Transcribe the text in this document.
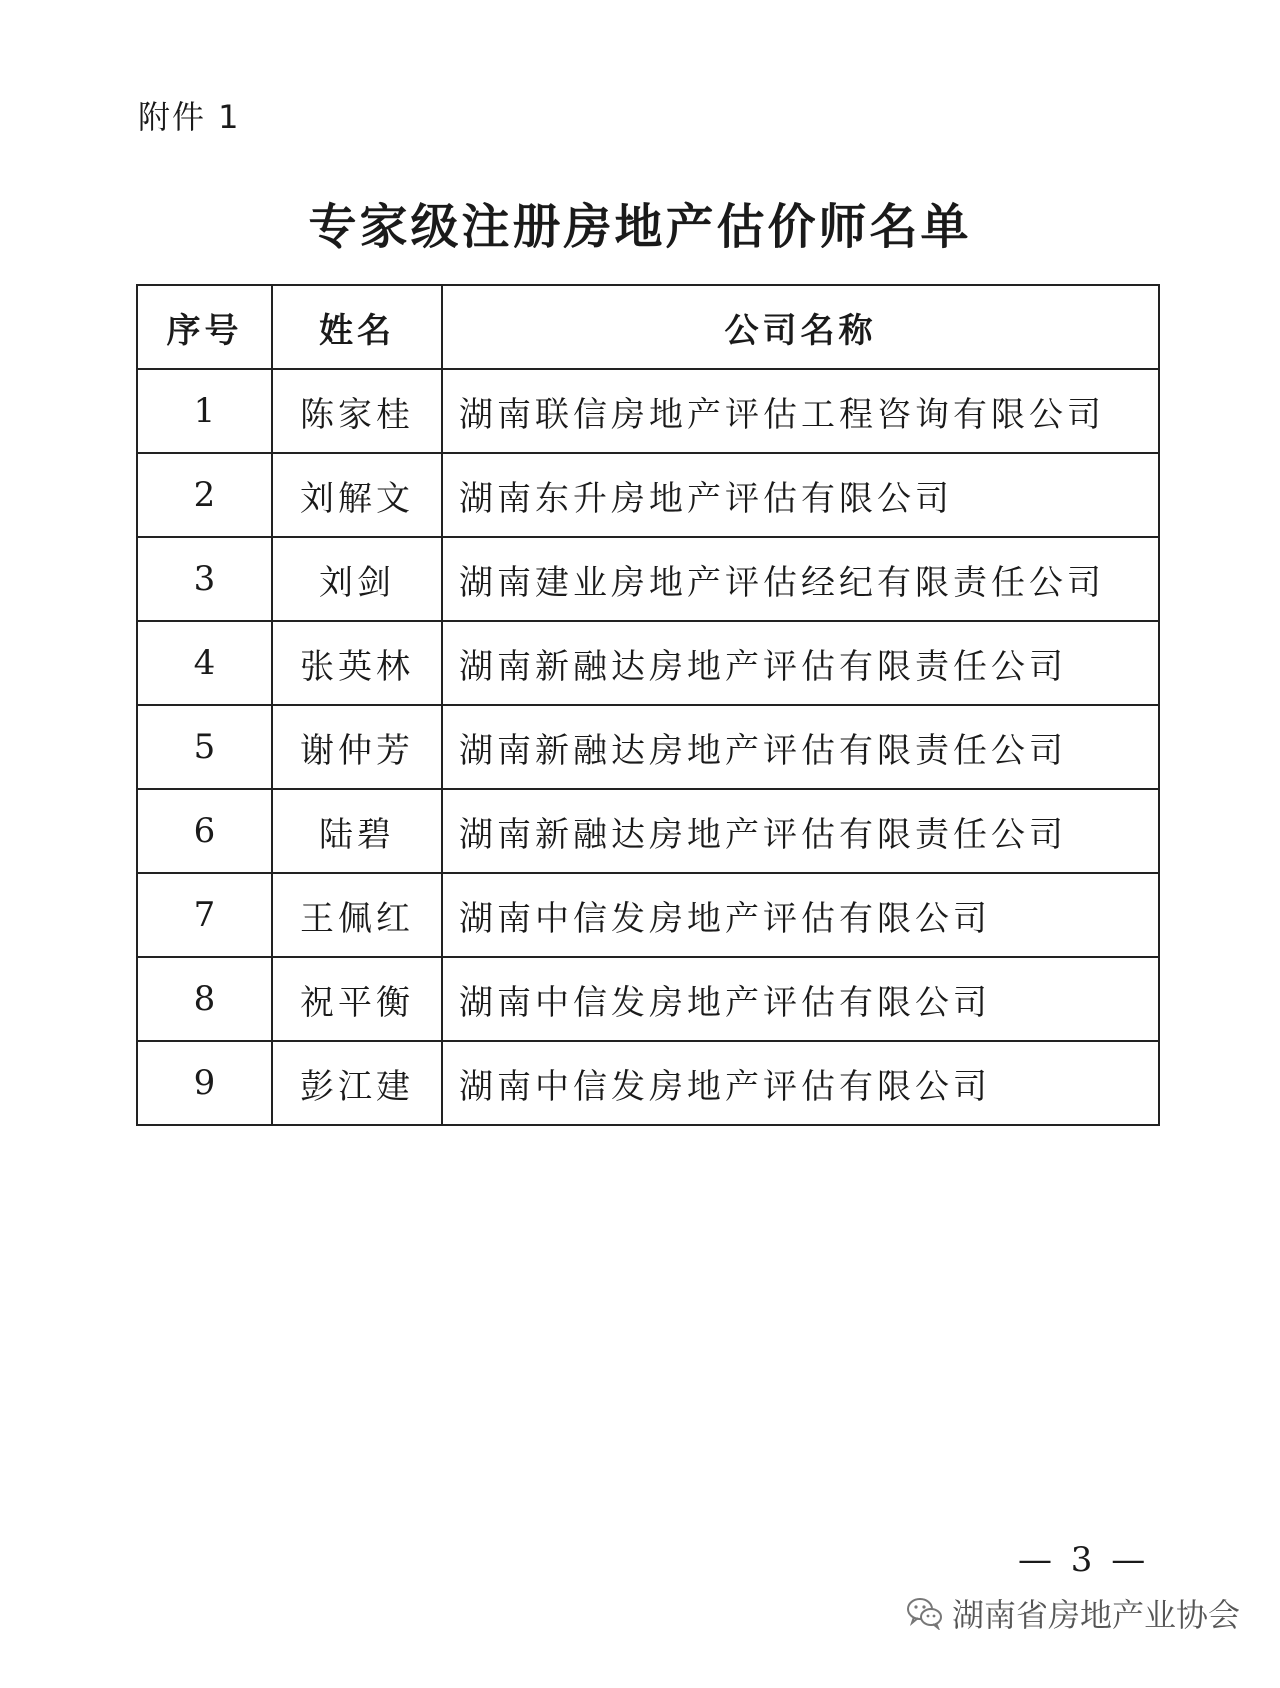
附件 1
专家级注册房地产估价师名单
序号	姓名	公司名称
1	陈家桂	湖南联信房地产评估工程咨询有限公司
2	刘解文	湖南东升房地产评估有限公司
3	刘剑	湖南建业房地产评估经纪有限责任公司
4	张英林	湖南新融达房地产评估有限责任公司
5	谢仲芳	湖南新融达房地产评估有限责任公司
6	陆碧	湖南新融达房地产评估有限责任公司
7	王佩红	湖南中信发房地产评估有限公司
8	祝平衡	湖南中信发房地产评估有限公司
9	彭江建	湖南中信发房地产评估有限公司
— 3 —
湖南省房地产业协会
